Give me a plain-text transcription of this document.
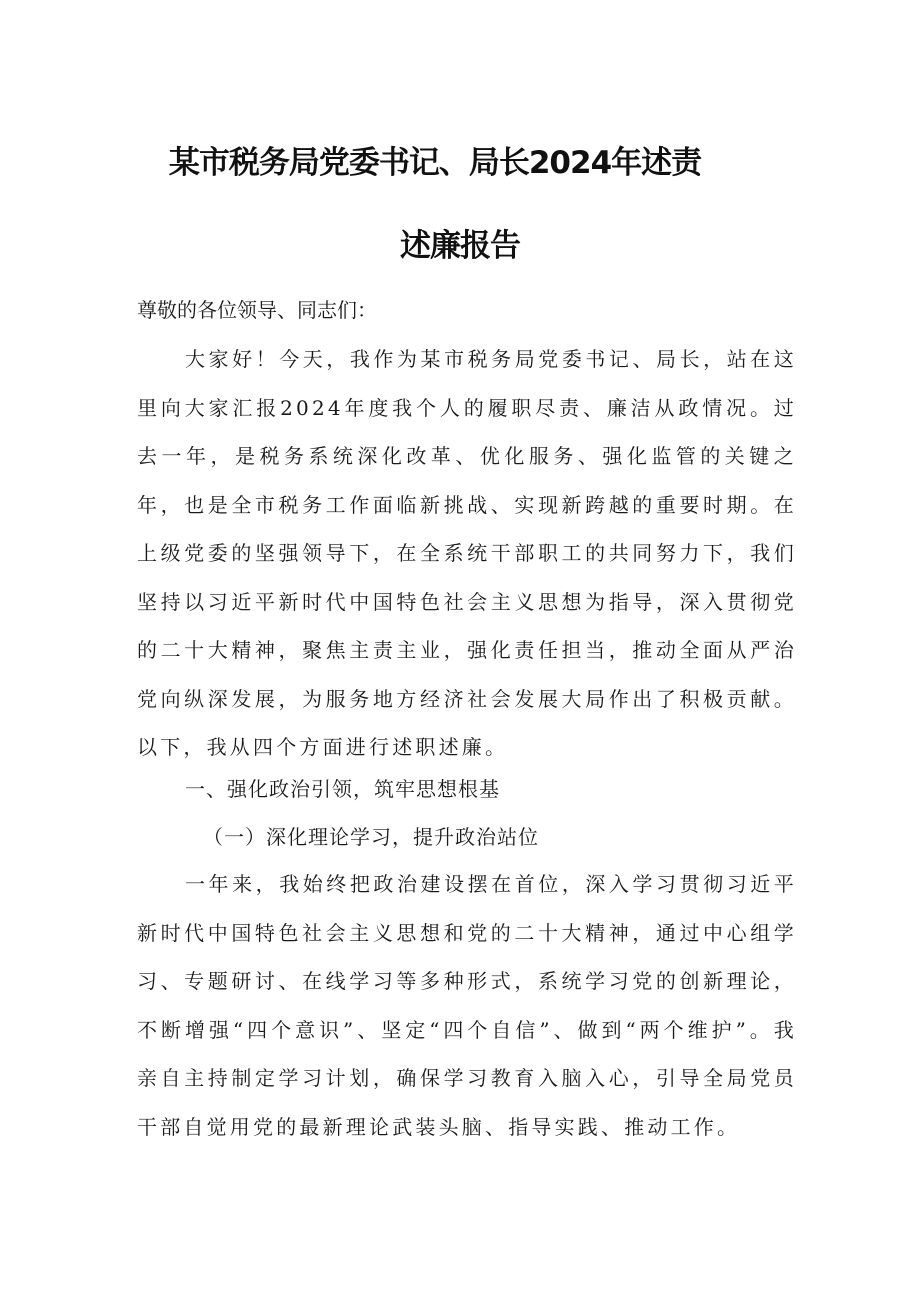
某市税务局党委书记、局长2024年述责
述廉报告
尊敬的各位领导、同志们：
大家好！今天，我作为某市税务局党委书记、局长，站在这里向大家汇报2024年度我个人的履职尽责、廉洁从政情况。过去一年，是税务系统深化改革、优化服务、强化监管的关键之年，也是全市税务工作面临新挑战、实现新跨越的重要时期。在上级党委的坚强领导下，在全系统干部职工的共同努力下，我们坚持以习近平新时代中国特色社会主义思想为指导，深入贯彻党的二十大精神，聚焦主责主业，强化责任担当，推动全面从严治党向纵深发展，为服务地方经济社会发展大局作出了积极贡献。以下，我从四个方面进行述职述廉。
一、强化政治引领，筑牢思想根基
（一）深化理论学习，提升政治站位
一年来，我始终把政治建设摆在首位，深入学习贯彻习近平新时代中国特色社会主义思想和党的二十大精神，通过中心组学习、专题研讨、在线学习等多种形式，系统学习党的创新理论，不断增强“四个意识”、坚定“四个自信”、做到“两个维护”。我亲自主持制定学习计划，确保学习教育入脑入心，引导全局党员干部自觉用党的最新理论武装头脑、指导实践、推动工作。
